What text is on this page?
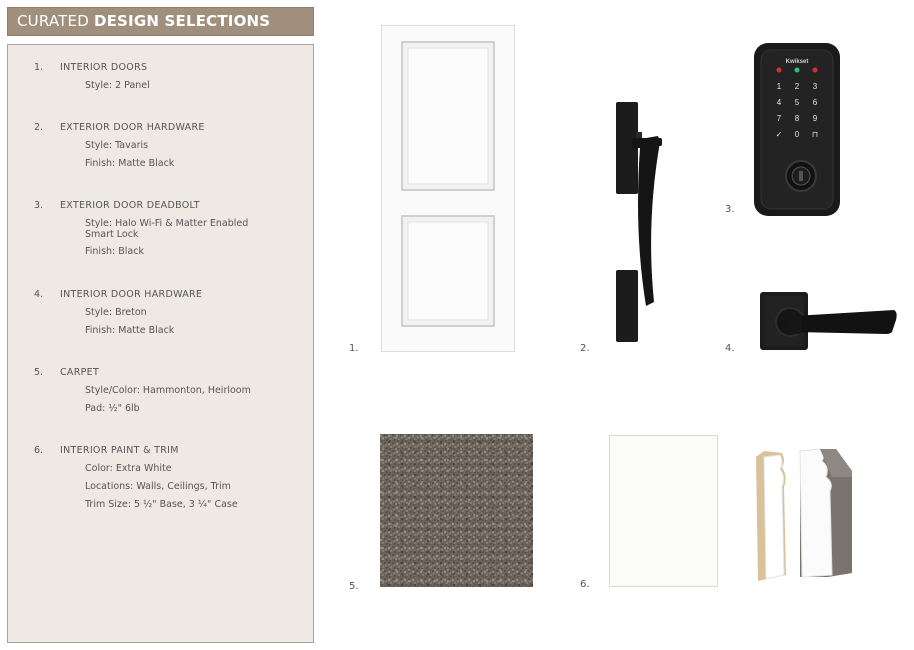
CURATED DESIGN SELECTIONS
1. INTERIOR DOORS
Style: 2 Panel
2. EXTERIOR DOOR HARDWARE
Style: Tavaris
Finish: Matte Black
3. EXTERIOR DOOR DEADBOLT
Style: Halo Wi-Fi & Matter Enabled Smart Lock
Finish: Black
4. INTERIOR DOOR HARDWARE
Style: Breton
Finish: Matte Black
5. CARPET
Style/Color: Hammonton, Heirloom
Pad: ½" 6lb
6. INTERIOR PAINT & TRIM
Color: Extra White
Locations: Walls, Ceilings, Trim
Trim Size: 5 ½" Base, 3 ¼" Case
1.	2.
Kwikset
1 2 3
4 5 6
7 8 9
✓ 0 ⊓
3.
4.
5.	6.
